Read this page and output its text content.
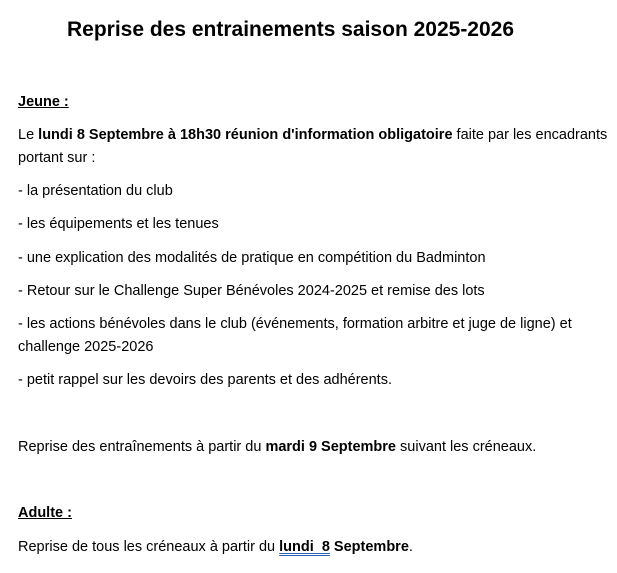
Reprise des entrainements saison 2025-2026
Jeune :
Le lundi 8 Septembre à 18h30 réunion d'information obligatoire faite par les encadrants portant sur :
- la présentation du club
- les équipements et les tenues
- une explication des modalités de pratique en compétition du Badminton
- Retour sur le Challenge Super Bénévoles 2024-2025 et remise des lots
- les actions bénévoles dans le club (événements, formation arbitre et juge de ligne) et challenge 2025-2026
- petit rappel sur les devoirs des parents et des adhérents.
Reprise des entraînements à partir du mardi 9 Septembre suivant les créneaux.
Adulte :
Reprise de tous les créneaux à partir du lundi  8 Septembre.
